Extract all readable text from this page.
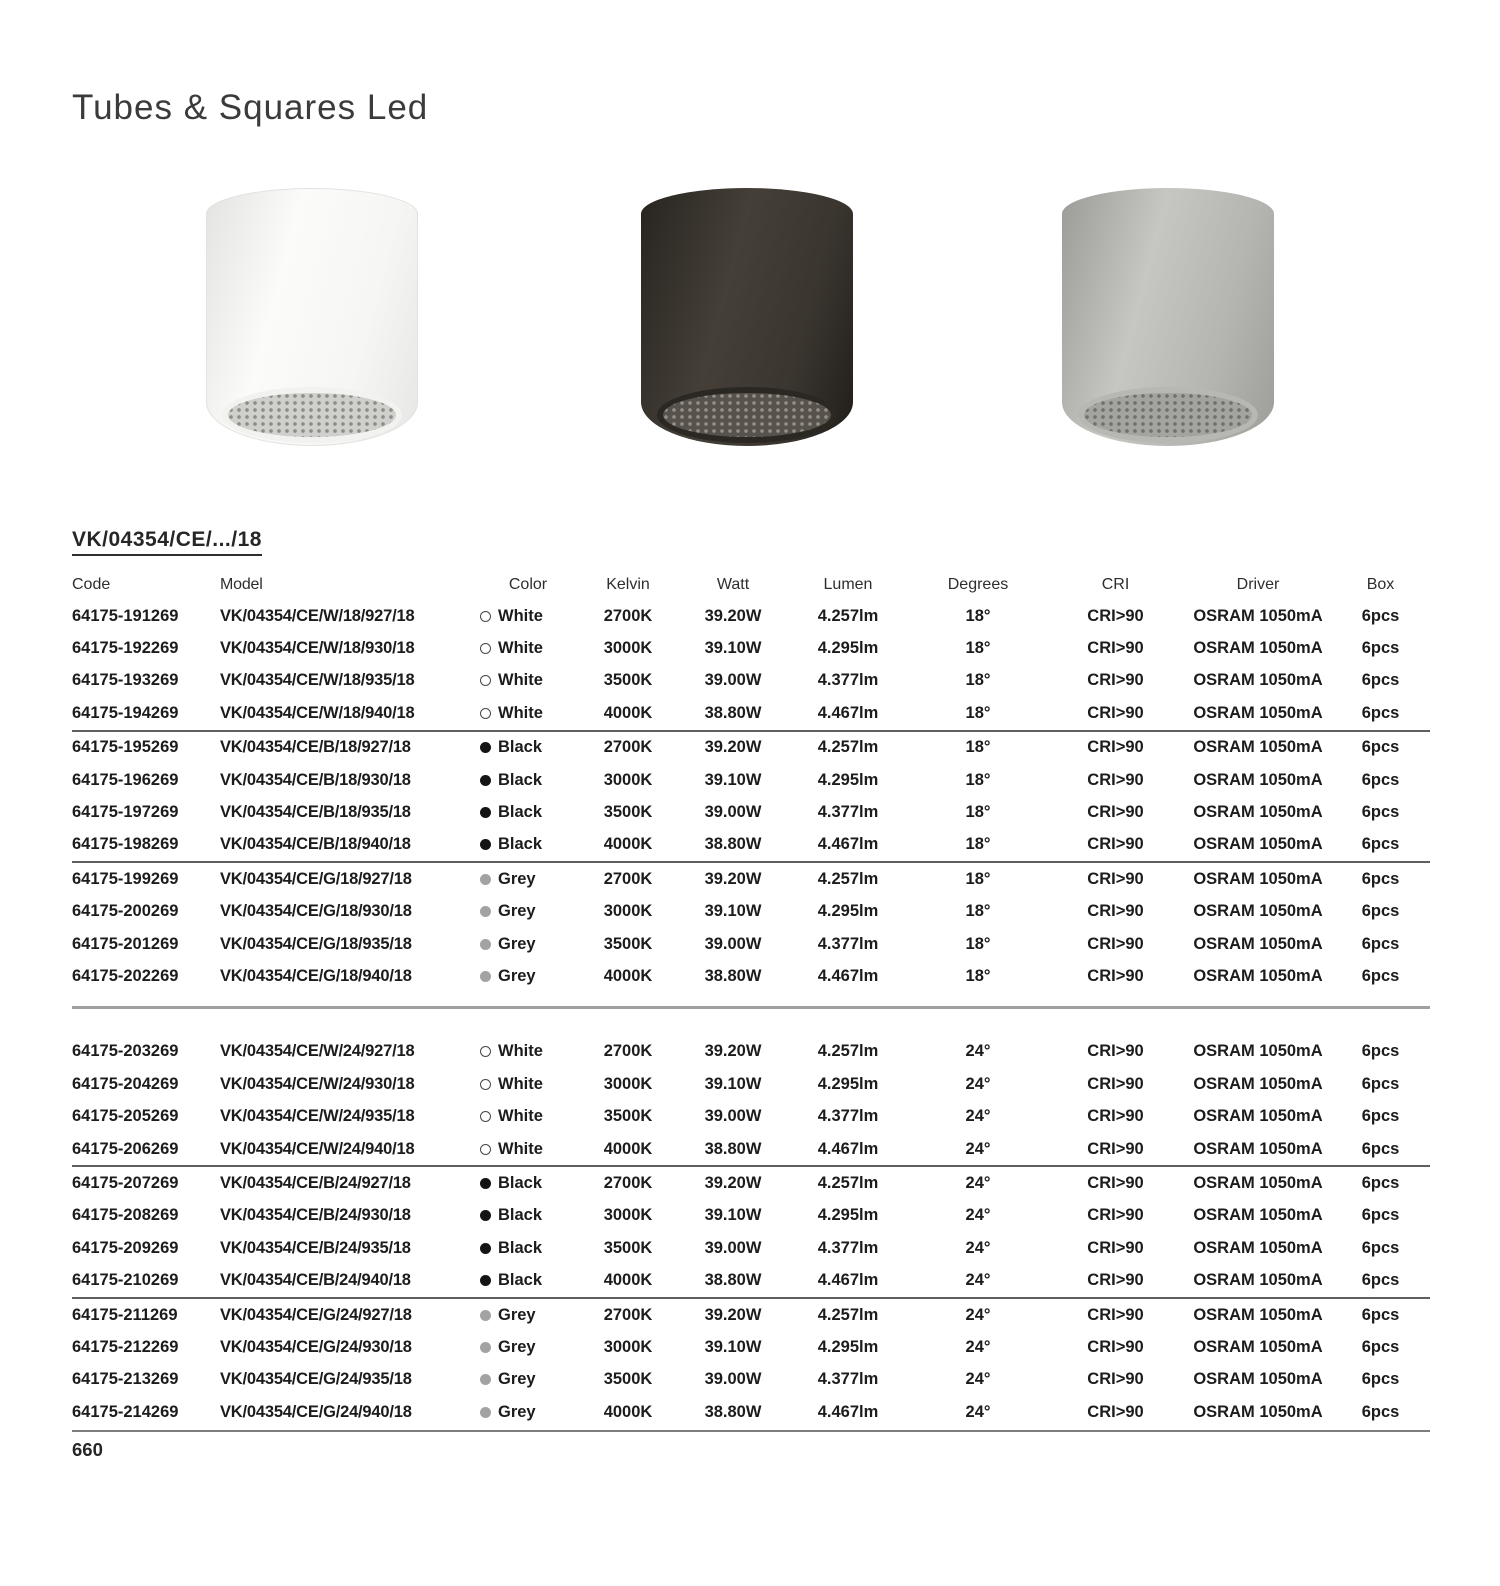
Tubes & Squares Led
VK/04354/CE/.../18
Code	Model	Color	Kelvin	Watt	Lumen	Degrees	CRI	Driver	Box
64175-191269	VK/04354/CE/W/18/927/18	White	2700K	39.20W	4.257lm	18°	CRI>90	OSRAM 1050mA	6pcs
64175-192269	VK/04354/CE/W/18/930/18	White	3000K	39.10W	4.295lm	18°	CRI>90	OSRAM 1050mA	6pcs
64175-193269	VK/04354/CE/W/18/935/18	White	3500K	39.00W	4.377lm	18°	CRI>90	OSRAM 1050mA	6pcs
64175-194269	VK/04354/CE/W/18/940/18	White	4000K	38.80W	4.467lm	18°	CRI>90	OSRAM 1050mA	6pcs
64175-195269	VK/04354/CE/B/18/927/18	Black	2700K	39.20W	4.257lm	18°	CRI>90	OSRAM 1050mA	6pcs
64175-196269	VK/04354/CE/B/18/930/18	Black	3000K	39.10W	4.295lm	18°	CRI>90	OSRAM 1050mA	6pcs
64175-197269	VK/04354/CE/B/18/935/18	Black	3500K	39.00W	4.377lm	18°	CRI>90	OSRAM 1050mA	6pcs
64175-198269	VK/04354/CE/B/18/940/18	Black	4000K	38.80W	4.467lm	18°	CRI>90	OSRAM 1050mA	6pcs
64175-199269	VK/04354/CE/G/18/927/18	Grey	2700K	39.20W	4.257lm	18°	CRI>90	OSRAM 1050mA	6pcs
64175-200269	VK/04354/CE/G/18/930/18	Grey	3000K	39.10W	4.295lm	18°	CRI>90	OSRAM 1050mA	6pcs
64175-201269	VK/04354/CE/G/18/935/18	Grey	3500K	39.00W	4.377lm	18°	CRI>90	OSRAM 1050mA	6pcs
64175-202269	VK/04354/CE/G/18/940/18	Grey	4000K	38.80W	4.467lm	18°	CRI>90	OSRAM 1050mA	6pcs
64175-203269	VK/04354/CE/W/24/927/18	White	2700K	39.20W	4.257lm	24°	CRI>90	OSRAM 1050mA	6pcs
64175-204269	VK/04354/CE/W/24/930/18	White	3000K	39.10W	4.295lm	24°	CRI>90	OSRAM 1050mA	6pcs
64175-205269	VK/04354/CE/W/24/935/18	White	3500K	39.00W	4.377lm	24°	CRI>90	OSRAM 1050mA	6pcs
64175-206269	VK/04354/CE/W/24/940/18	White	4000K	38.80W	4.467lm	24°	CRI>90	OSRAM 1050mA	6pcs
64175-207269	VK/04354/CE/B/24/927/18	Black	2700K	39.20W	4.257lm	24°	CRI>90	OSRAM 1050mA	6pcs
64175-208269	VK/04354/CE/B/24/930/18	Black	3000K	39.10W	4.295lm	24°	CRI>90	OSRAM 1050mA	6pcs
64175-209269	VK/04354/CE/B/24/935/18	Black	3500K	39.00W	4.377lm	24°	CRI>90	OSRAM 1050mA	6pcs
64175-210269	VK/04354/CE/B/24/940/18	Black	4000K	38.80W	4.467lm	24°	CRI>90	OSRAM 1050mA	6pcs
64175-211269	VK/04354/CE/G/24/927/18	Grey	2700K	39.20W	4.257lm	24°	CRI>90	OSRAM 1050mA	6pcs
64175-212269	VK/04354/CE/G/24/930/18	Grey	3000K	39.10W	4.295lm	24°	CRI>90	OSRAM 1050mA	6pcs
64175-213269	VK/04354/CE/G/24/935/18	Grey	3500K	39.00W	4.377lm	24°	CRI>90	OSRAM 1050mA	6pcs
64175-214269	VK/04354/CE/G/24/940/18	Grey	4000K	38.80W	4.467lm	24°	CRI>90	OSRAM 1050mA	6pcs
660
